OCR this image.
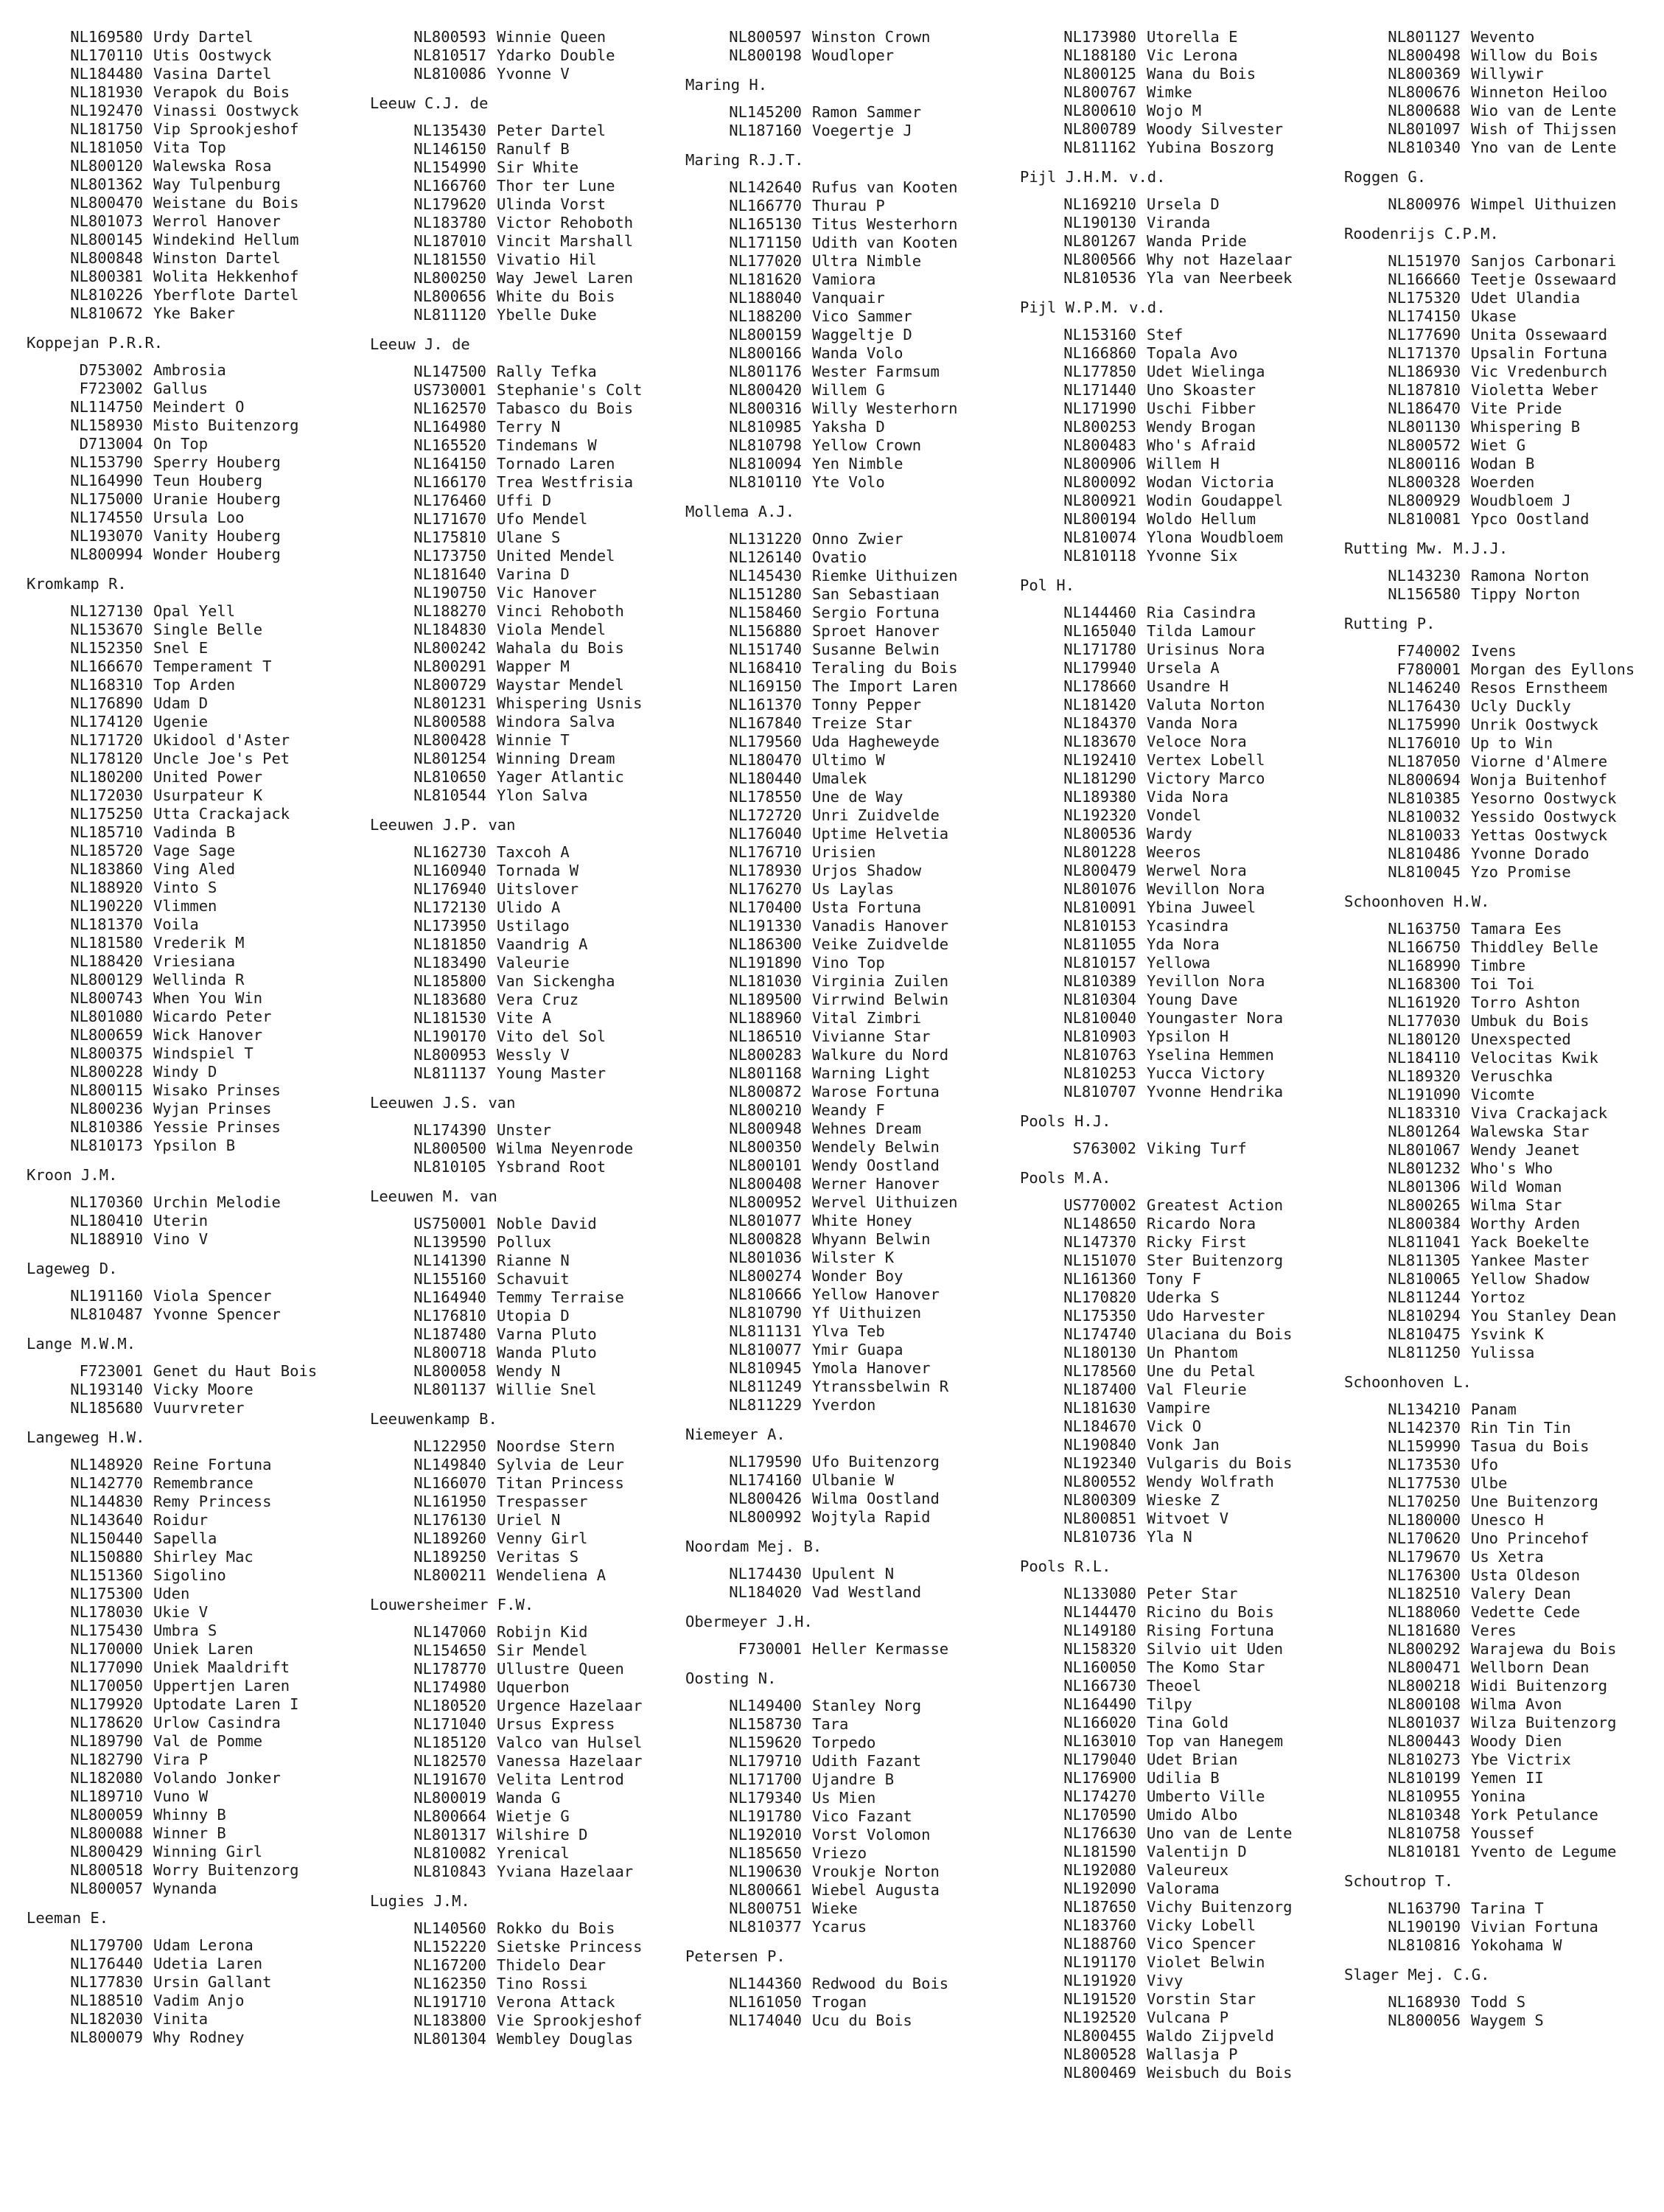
NL169580 Urdy Dartel
NL170110 Utis Oostwyck
NL184480 Vasina Dartel
NL181930 Verapok du Bois
NL192470 Vinassi Oostwyck
NL181750 Vip Sprookjeshof
NL181050 Vita Top
NL800120 Walewska Rosa
NL801362 Way Tulpenburg
NL800470 Weistane du Bois
NL801073 Werrol Hanover
NL800145 Windekind Hellum
NL800848 Winston Dartel
NL800381 Wolita Hekkenhof
NL810226 Yberflote Dartel
NL810672 Yke Baker
Koppejan P.R.R.
D753002 Ambrosia
F723002 Gallus
NL114750 Meindert O
NL158930 Misto Buitenzorg
D713004 On Top
NL153790 Sperry Houberg
NL164990 Teun Houberg
NL175000 Uranie Houberg
NL174550 Ursula Loo
NL193070 Vanity Houberg
NL800994 Wonder Houberg
Kromkamp R.
NL127130 Opal Yell
NL153670 Single Belle
NL152350 Snel E
NL166670 Temperament T
NL168310 Top Arden
NL176890 Udam D
NL174120 Ugenie
NL171720 Ukidool d'Aster
NL178120 Uncle Joe's Pet
NL180200 United Power
NL172030 Usurpateur K
NL175250 Utta Crackajack
NL185710 Vadinda B
NL185720 Vage Sage
NL183860 Ving Aled
NL188920 Vinto S
NL190220 Vlimmen
NL181370 Voila
NL181580 Vrederik M
NL188420 Vriesiana
NL800129 Wellinda R
NL800743 When You Win
NL801080 Wicardo Peter
NL800659 Wick Hanover
NL800375 Windspiel T
NL800228 Windy D
NL800115 Wisako Prinses
NL800236 Wyjan Prinses
NL810386 Yessie Prinses
NL810173 Ypsilon B
Kroon J.M.
NL170360 Urchin Melodie
NL180410 Uterin
NL188910 Vino V
Lageweg D.
NL191160 Viola Spencer
NL810487 Yvonne Spencer
Lange M.W.M.
F723001 Genet du Haut Bois
NL193140 Vicky Moore
NL185680 Vuurvreter
Langeweg H.W.
NL148920 Reine Fortuna
NL142770 Remembrance
NL144830 Remy Princess
NL143640 Roidur
NL150440 Sapella
NL150880 Shirley Mac
NL151360 Sigolino
NL175300 Uden
NL178030 Ukie V
NL175430 Umbra S
NL170000 Uniek Laren
NL177090 Uniek Maaldrift
NL170050 Uppertjen Laren
NL179920 Uptodate Laren I
NL178620 Urlow Casindra
NL189790 Val de Pomme
NL182790 Vira P
NL182080 Volando Jonker
NL189710 Vuno W
NL800059 Whinny B
NL800088 Winner B
NL800429 Winning Girl
NL800518 Worry Buitenzorg
NL800057 Wynanda
Leeman E.
NL179700 Udam Lerona
NL176440 Udetia Laren
NL177830 Ursin Gallant
NL188510 Vadim Anjo
NL182030 Vinita
NL800079 Why Rodney
NL800593 Winnie Queen
NL810517 Ydarko Double
NL810086 Yvonne V
Leeuw C.J. de
NL135430 Peter Dartel
NL146150 Ranulf B
NL154990 Sir White
NL166760 Thor ter Lune
NL179620 Ulinda Vorst
NL183780 Victor Rehoboth
NL187010 Vincit Marshall
NL181550 Vivatio Hil
NL800250 Way Jewel Laren
NL800656 White du Bois
NL811120 Ybelle Duke
Leeuw J. de
NL147500 Rally Tefka
US730001 Stephanie's Colt
NL162570 Tabasco du Bois
NL164980 Terry N
NL165520 Tindemans W
NL164150 Tornado Laren
NL166170 Trea Westfrisia
NL176460 Uffi D
NL171670 Ufo Mendel
NL175810 Ulane S
NL173750 United Mendel
NL181640 Varina D
NL190750 Vic Hanover
NL188270 Vinci Rehoboth
NL184830 Viola Mendel
NL800242 Wahala du Bois
NL800291 Wapper M
NL800729 Waystar Mendel
NL801231 Whispering Usnis
NL800588 Windora Salva
NL800428 Winnie T
NL801254 Winning Dream
NL810650 Yager Atlantic
NL810544 Ylon Salva
Leeuwen J.P. van
NL162730 Taxcoh A
NL160940 Tornada W
NL176940 Uitslover
NL172130 Ulido A
NL173950 Ustilago
NL181850 Vaandrig A
NL183490 Valeurie
NL185800 Van Sickengha
NL183680 Vera Cruz
NL181530 Vite A
NL190170 Vito del Sol
NL800953 Wessly V
NL811137 Young Master
Leeuwen J.S. van
NL174390 Unster
NL800500 Wilma Neyenrode
NL810105 Ysbrand Root
Leeuwen M. van
US750001 Noble David
NL139590 Pollux
NL141390 Rianne N
NL155160 Schavuit
NL164940 Temmy Terraise
NL176810 Utopia D
NL187480 Varna Pluto
NL800718 Wanda Pluto
NL800058 Wendy N
NL801137 Willie Snel
Leeuwenkamp B.
NL122950 Noordse Stern
NL149840 Sylvia de Leur
NL166070 Titan Princess
NL161950 Trespasser
NL176130 Uriel N
NL189260 Venny Girl
NL189250 Veritas S
NL800211 Wendeliena A
Louwersheimer F.W.
NL147060 Robijn Kid
NL154650 Sir Mendel
NL178770 Ullustre Queen
NL174980 Uquerbon
NL180520 Urgence Hazelaar
NL171040 Ursus Express
NL185120 Valco van Hulsel
NL182570 Vanessa Hazelaar
NL191670 Velita Lentrod
NL800019 Wanda G
NL800664 Wietje G
NL801317 Wilshire D
NL810082 Yrenical
NL810843 Yviana Hazelaar
Lugies J.M.
NL140560 Rokko du Bois
NL152220 Sietske Princess
NL167200 Thidelo Dear
NL162350 Tino Rossi
NL191710 Verona Attack
NL183800 Vie Sprookjeshof
NL801304 Wembley Douglas
NL800597 Winston Crown
NL800198 Woudloper
Maring H.
NL145200 Ramon Sammer
NL187160 Voegertje J
Maring R.J.T.
NL142640 Rufus van Kooten
NL166770 Thurau P
NL165130 Titus Westerhorn
NL171150 Udith van Kooten
NL177020 Ultra Nimble
NL181620 Vamiora
NL188040 Vanquair
NL188200 Vico Sammer
NL800159 Waggeltje D
NL800166 Wanda Volo
NL801176 Wester Farmsum
NL800420 Willem G
NL800316 Willy Westerhorn
NL810985 Yaksha D
NL810798 Yellow Crown
NL810094 Yen Nimble
NL810110 Yte Volo
Mollema A.J.
NL131220 Onno Zwier
NL126140 Ovatio
NL145430 Riemke Uithuizen
NL151280 San Sebastiaan
NL158460 Sergio Fortuna
NL156880 Sproet Hanover
NL151740 Susanne Belwin
NL168410 Teraling du Bois
NL169150 The Import Laren
NL161370 Tonny Pepper
NL167840 Treize Star
NL179560 Uda Hagheweyde
NL180470 Ultimo W
NL180440 Umalek
NL178550 Une de Way
NL172720 Unri Zuidvelde
NL176040 Uptime Helvetia
NL176710 Urisien
NL178930 Urjos Shadow
NL176270 Us Laylas
NL170400 Usta Fortuna
NL191330 Vanadis Hanover
NL186300 Veike Zuidvelde
NL191890 Vino Top
NL181030 Virginia Zuilen
NL189500 Virrwind Belwin
NL188960 Vital Zimbri
NL186510 Vivianne Star
NL800283 Walkure du Nord
NL801168 Warning Light
NL800872 Warose Fortuna
NL800210 Weandy F
NL800948 Wehnes Dream
NL800350 Wendely Belwin
NL800101 Wendy Oostland
NL800408 Werner Hanover
NL800952 Wervel Uithuizen
NL801077 White Honey
NL800828 Whyann Belwin
NL801036 Wilster K
NL800274 Wonder Boy
NL810666 Yellow Hanover
NL810790 Yf Uithuizen
NL811131 Ylva Teb
NL810077 Ymir Guapa
NL810945 Ymola Hanover
NL811249 Ytranssbelwin R
NL811229 Yverdon
Niemeyer A.
NL179590 Ufo Buitenzorg
NL174160 Ulbanie W
NL800426 Wilma Oostland
NL800992 Wojtyla Rapid
Noordam Mej. B.
NL174430 Upulent N
NL184020 Vad Westland
Obermeyer J.H.
F730001 Heller Kermasse
Oosting N.
NL149400 Stanley Norg
NL158730 Tara
NL159620 Torpedo
NL179710 Udith Fazant
NL171700 Ujandre B
NL179340 Us Mien
NL191780 Vico Fazant
NL192010 Vorst Volomon
NL185650 Vriezo
NL190630 Vroukje Norton
NL800661 Wiebel Augusta
NL800751 Wieke
NL810377 Ycarus
Petersen P.
NL144360 Redwood du Bois
NL161050 Trogan
NL174040 Ucu du Bois
NL173980 Utorella E
NL188180 Vic Lerona
NL800125 Wana du Bois
NL800767 Wimke
NL800610 Wojo M
NL800789 Woody Silvester
NL811162 Yubina Boszorg
Pijl J.H.M. v.d.
NL169210 Ursela D
NL190130 Viranda
NL801267 Wanda Pride
NL800566 Why not Hazelaar
NL810536 Yla van Neerbeek
Pijl W.P.M. v.d.
NL153160 Stef
NL166860 Topala Avo
NL177850 Udet Wielinga
NL171440 Uno Skoaster
NL171990 Uschi Fibber
NL800253 Wendy Brogan
NL800483 Who's Afraid
NL800906 Willem H
NL800092 Wodan Victoria
NL800921 Wodin Goudappel
NL800194 Woldo Hellum
NL810074 Ylona Woudbloem
NL810118 Yvonne Six
Pol H.
NL144460 Ria Casindra
NL165040 Tilda Lamour
NL171780 Urisinus Nora
NL179940 Ursela A
NL178660 Usandre H
NL181420 Valuta Norton
NL184370 Vanda Nora
NL183670 Veloce Nora
NL192410 Vertex Lobell
NL181290 Victory Marco
NL189380 Vida Nora
NL192320 Vondel
NL800536 Wardy
NL801228 Weeros
NL800479 Werwel Nora
NL801076 Wevillon Nora
NL810091 Ybina Juweel
NL810153 Ycasindra
NL811055 Yda Nora
NL810157 Yellowa
NL810389 Yevillon Nora
NL810304 Young Dave
NL810040 Youngaster Nora
NL810903 Ypsilon H
NL810763 Yselina Hemmen
NL810253 Yucca Victory
NL810707 Yvonne Hendrika
Pools H.J.
S763002 Viking Turf
Pools M.A.
US770002 Greatest Action
NL148650 Ricardo Nora
NL147370 Ricky First
NL151070 Ster Buitenzorg
NL161360 Tony F
NL170820 Uderka S
NL175350 Udo Harvester
NL174740 Ulaciana du Bois
NL180130 Un Phantom
NL178560 Une du Petal
NL187400 Val Fleurie
NL181630 Vampire
NL184670 Vick O
NL190840 Vonk Jan
NL192340 Vulgaris du Bois
NL800552 Wendy Wolfrath
NL800309 Wieske Z
NL800851 Witvoet V
NL810736 Yla N
Pools R.L.
NL133080 Peter Star
NL144470 Ricino du Bois
NL149180 Rising Fortuna
NL158320 Silvio uit Uden
NL160050 The Komo Star
NL166730 Theoel
NL164490 Tilpy
NL166020 Tina Gold
NL163010 Top van Hanegem
NL179040 Udet Brian
NL176900 Udilia B
NL174270 Umberto Ville
NL170590 Umido Albo
NL176630 Uno van de Lente
NL181590 Valentijn D
NL192080 Valeureux
NL192090 Valorama
NL187650 Vichy Buitenzorg
NL183760 Vicky Lobell
NL188760 Vico Spencer
NL191170 Violet Belwin
NL191920 Vivy
NL191520 Vorstin Star
NL192520 Vulcana P
NL800455 Waldo Zijpveld
NL800528 Wallasja P
NL800469 Weisbuch du Bois
NL801127 Wevento
NL800498 Willow du Bois
NL800369 Willywir
NL800676 Winneton Heiloo
NL800688 Wio van de Lente
NL801097 Wish of Thijssen
NL810340 Yno van de Lente
Roggen G.
NL800976 Wimpel Uithuizen
Roodenrijs C.P.M.
NL151970 Sanjos Carbonari
NL166660 Teetje Ossewaard
NL175320 Udet Ulandia
NL174150 Ukase
NL177690 Unita Ossewaard
NL171370 Upsalin Fortuna
NL186930 Vic Vredenburch
NL187810 Violetta Weber
NL186470 Vite Pride
NL801130 Whispering B
NL800572 Wiet G
NL800116 Wodan B
NL800328 Woerden
NL800929 Woudbloem J
NL810081 Ypco Oostland
Rutting Mw. M.J.J.
NL143230 Ramona Norton
NL156580 Tippy Norton
Rutting P.
F740002 Ivens
F780001 Morgan des Eyllons
NL146240 Resos Ernstheem
NL176430 Ucly Duckly
NL175990 Unrik Oostwyck
NL176010 Up to Win
NL187050 Viorne d'Almere
NL800694 Wonja Buitenhof
NL810385 Yesorno Oostwyck
NL810032 Yessido Oostwyck
NL810033 Yettas Oostwyck
NL810486 Yvonne Dorado
NL810045 Yzo Promise
Schoonhoven H.W.
NL163750 Tamara Ees
NL166750 Thiddley Belle
NL168990 Timbre
NL168300 Toi Toi
NL161920 Torro Ashton
NL177030 Umbuk du Bois
NL180120 Unexspected
NL184110 Velocitas Kwik
NL189320 Veruschka
NL191090 Vicomte
NL183310 Viva Crackajack
NL801264 Walewska Star
NL801067 Wendy Jeanet
NL801232 Who's Who
NL801306 Wild Woman
NL800265 Wilma Star
NL800384 Worthy Arden
NL811041 Yack Boekelte
NL811305 Yankee Master
NL810065 Yellow Shadow
NL811244 Yortoz
NL810294 You Stanley Dean
NL810475 Ysvink K
NL811250 Yulissa
Schoonhoven L.
NL134210 Panam
NL142370 Rin Tin Tin
NL159990 Tasua du Bois
NL173530 Ufo
NL177530 Ulbe
NL170250 Une Buitenzorg
NL180000 Unesco H
NL170620 Uno Princehof
NL179670 Us Xetra
NL176300 Usta Oldeson
NL182510 Valery Dean
NL188060 Vedette Cede
NL181680 Veres
NL800292 Warajewa du Bois
NL800471 Wellborn Dean
NL800218 Widi Buitenzorg
NL800108 Wilma Avon
NL801037 Wilza Buitenzorg
NL800443 Woody Dien
NL810273 Ybe Victrix
NL810199 Yemen II
NL810955 Yonina
NL810348 York Petulance
NL810758 Youssef
NL810181 Yvento de Legume
Schoutrop T.
NL163790 Tarina T
NL190190 Vivian Fortuna
NL810816 Yokohama W
Slager Mej. C.G.
NL168930 Todd S
NL800056 Waygem S
